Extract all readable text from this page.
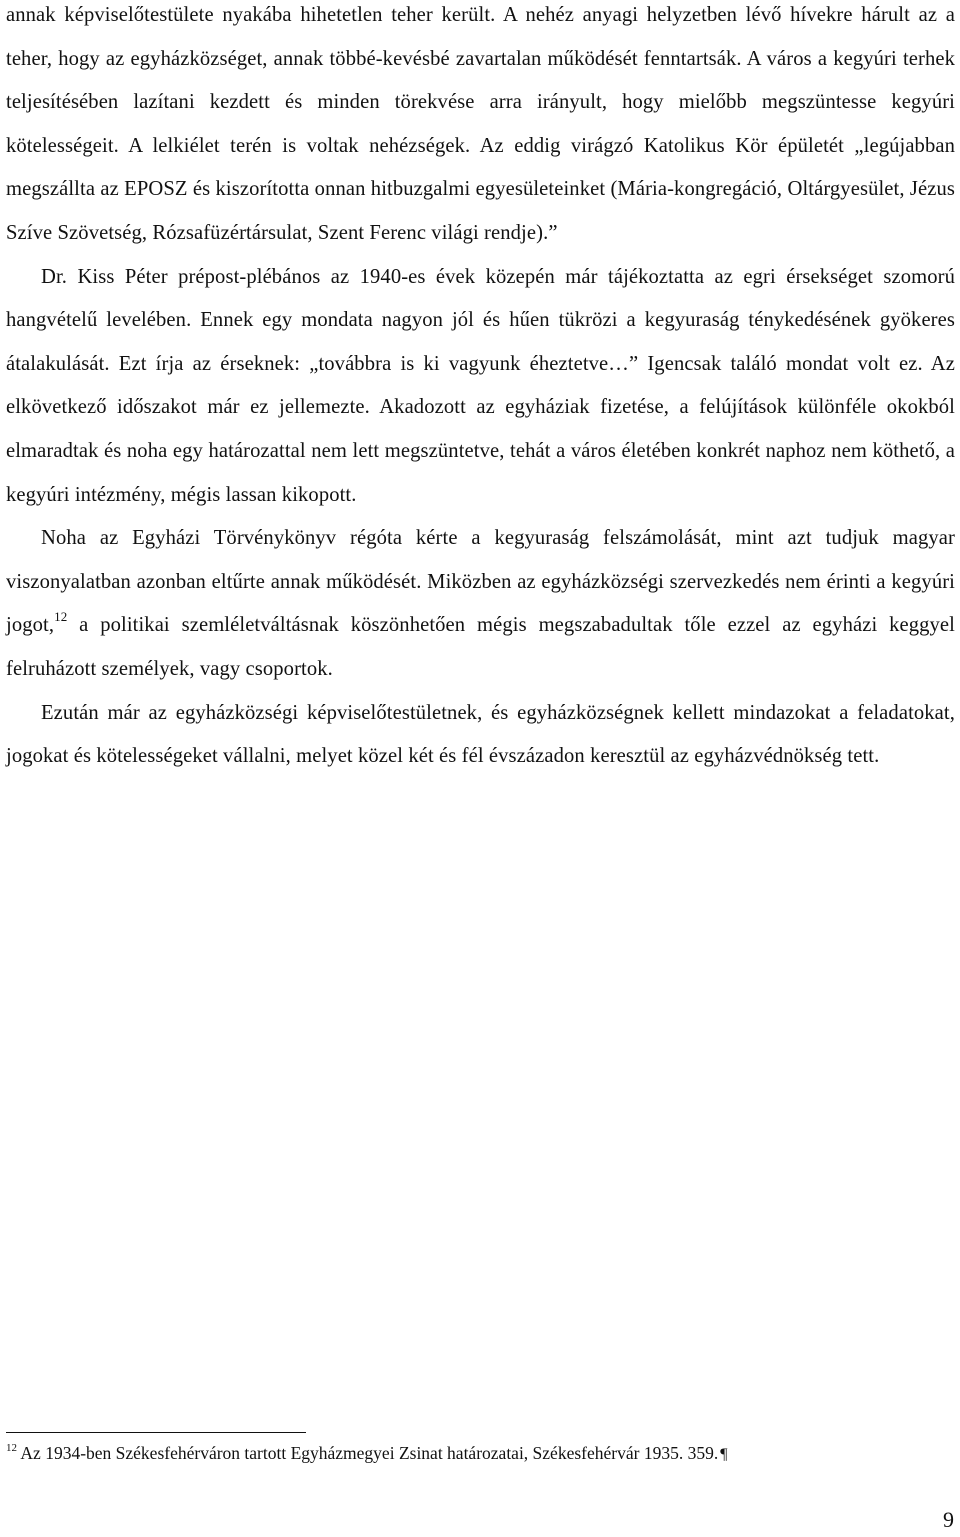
annak képviselőtestülete nyakába hihetetlen teher került. A nehéz anyagi helyzetben lévő hívekre hárult az a teher, hogy az egyházközséget, annak többé-kevésbé zavartalan működését fenntartsák. A város a kegyúri terhek teljesítésében lazítani kezdett és minden törekvése arra irányult, hogy mielőbb megszüntesse kegyúri kötelességeit. A lelkiélet terén is voltak nehézségek. Az eddig virágzó Katolikus Kör épületét „legújabban megszállta az EPOSZ és kiszorította onnan hitbuzgalmi egyesületeinket (Mária-kongregáció, Oltárgyesület, Jézus Szíve Szövetség, Rózsafüzértársulat, Szent Ferenc világi rendje).”

Dr. Kiss Péter prépost-plébános az 1940-es évek közepén már tájékoztatta az egri érsekséget szomorú hangvételű levelében. Ennek egy mondata nagyon jól és hűen tükrözi a kegyuraság ténykedésének gyökeres átalakulását. Ezt írja az érseknek: „továbbra is ki vagyunk éheztetve…” Igencsak találó mondat volt ez. Az elkövetkező időszakot már ez jellemezte. Akadozott az egyháziak fizetése, a felújítások különféle okokból elmaradtak és noha egy határozattal nem lett megszüntetve, tehát a város életében konkrét naphoz nem köthető, a kegyúri intézmény, mégis lassan kikopott.

Noha az Egyházi Törvénykönyv régóta kérte a kegyuraság felszámolását, mint azt tudjuk magyar viszonyalatban azonban eltűrte annak működését. Miközben az egyházközségi szervezkedés nem érinti a kegyúri jogot,$^{12}$ a politikai szemléletváltásnak köszönhetően mégis megszabadultak tőle ezzel az egyházi keggyel felruházott személyek, vagy csoportok.

Ezután már az egyházközségi képviselőtestületnek, és egyházközségnek kellett mindazokat a feladatokat, jogokat és kötelességeket vállalni, melyet közel két és fél évszázadon keresztül az egyházvédnökség tett.

$^{12}$ Az 1934-ben Székesfehérváron tartott Egyházmegyei Zsinat határozatai, Székesfehérvár 1935. 359. ¶
9
